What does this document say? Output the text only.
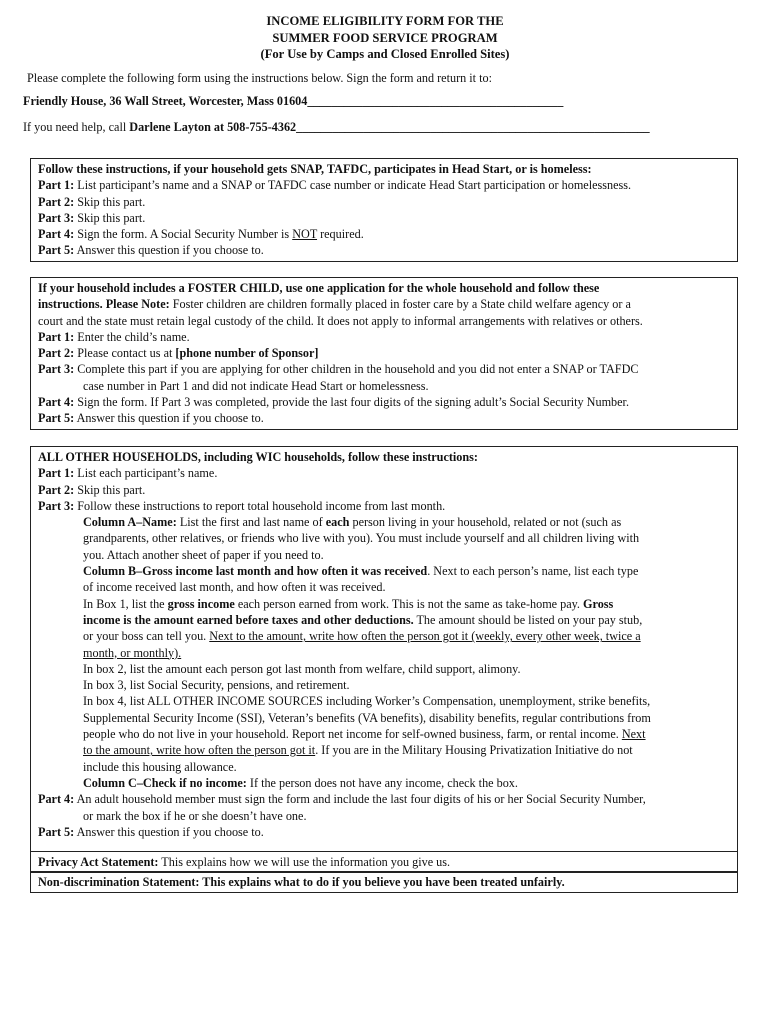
INCOME ELIGIBILITY FORM FOR THE
SUMMER FOOD SERVICE PROGRAM
(For Use by Camps and Closed Enrolled Sites)
Please complete the following form using the instructions below. Sign the form and return it to:
Friendly House, 36 Wall Street, Worcester, Mass 01604__________________________________________
If you need help, call Darlene Layton at 508-755-4362__________________________________________________________
Follow these instructions, if your household gets SNAP, TAFDC, participates in Head Start, or is homeless:
Part 1: List participant’s name and a SNAP or TAFDC case number or indicate Head Start participation or homelessness.
Part 2: Skip this part.
Part 3: Skip this part.
Part 4: Sign the form. A Social Security Number is NOT required.
Part 5: Answer this question if you choose to.
If your household includes a FOSTER CHILD, use one application for the whole household and follow these
instructions. Please Note: Foster children are children formally placed in foster care by a State child welfare agency or a
court and the state must retain legal custody of the child. It does not apply to informal arrangements with relatives or others.
Part 1: Enter the child’s name.
Part 2: Please contact us at [phone number of Sponsor]
Part 3: Complete this part if you are applying for other children in the household and you did not enter a SNAP or TAFDC
case number in Part 1 and did not indicate Head Start or homelessness.
Part 4: Sign the form. If Part 3 was completed, provide the last four digits of the signing adult’s Social Security Number.
Part 5: Answer this question if you choose to.
ALL OTHER HOUSEHOLDS, including WIC households, follow these instructions:
Part 1: List each participant’s name.
Part 2: Skip this part.
Part 3: Follow these instructions to report total household income from last month.
Column A–Name: List the first and last name of each person living in your household, related or not (such as
grandparents, other relatives, or friends who live with you). You must include yourself and all children living with
you. Attach another sheet of paper if you need to.
Column B–Gross income last month and how often it was received. Next to each person’s name, list each type
of income received last month, and how often it was received.
In Box 1, list the gross income each person earned from work. This is not the same as take-home pay. Gross
income is the amount earned before taxes and other deductions. The amount should be listed on your pay stub,
or your boss can tell you. Next to the amount, write how often the person got it (weekly, every other week, twice a
month, or monthly).
In box 2, list the amount each person got last month from welfare, child support, alimony.
In box 3, list Social Security, pensions, and retirement.
In box 4, list ALL OTHER INCOME SOURCES including Worker’s Compensation, unemployment, strike benefits,
Supplemental Security Income (SSI), Veteran’s benefits (VA benefits), disability benefits, regular contributions from
people who do not live in your household. Report net income for self-owned business, farm, or rental income. Next
to the amount, write how often the person got it. If you are in the Military Housing Privatization Initiative do not
include this housing allowance.
Column C–Check if no income: If the person does not have any income, check the box.
Part 4: An adult household member must sign the form and include the last four digits of his or her Social Security Number,
or mark the box if he or she doesn’t have one.
Part 5: Answer this question if you choose to.
Privacy Act Statement: This explains how we will use the information you give us.
Non-discrimination Statement: This explains what to do if you believe you have been treated unfairly.
